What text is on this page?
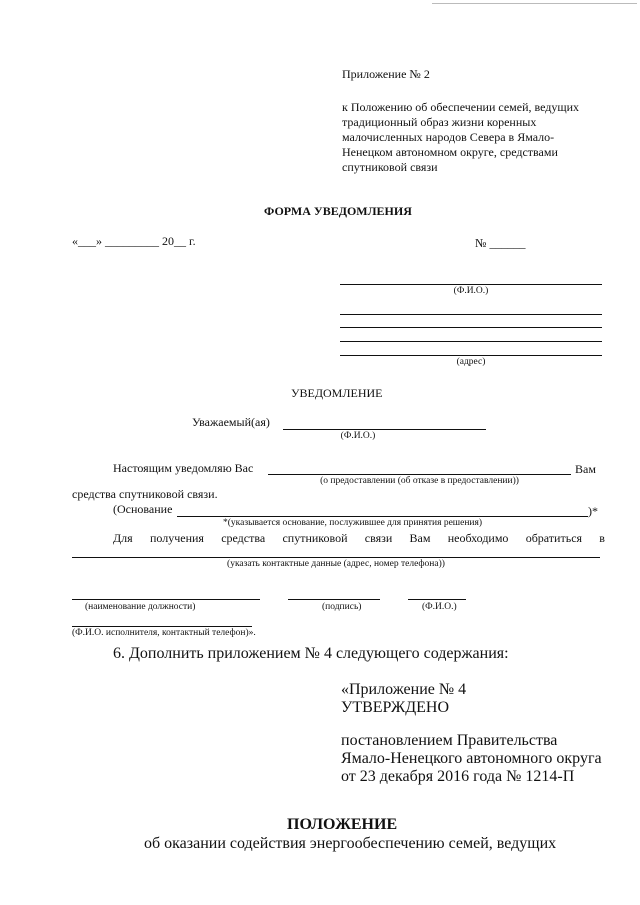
Приложение № 2
к Положению об обеспечении семей, ведущих
традиционный образ жизни коренных
малочисленных народов Севера в Ямало-
Ненецком автономном округе, средствами
спутниковой связи
ФОРМА УВЕДОМЛЕНИЯ
«___» _________ 20__ г.	№ ______
(Ф.И.О.)
(адрес)
УВЕДОМЛЕНИЕ
Уважаемый(ая)
(Ф.И.О.)
Настоящим уведомляю Вас	Вам
(о предоставлении (об отказе в предоставлении))
средства спутниковой связи.
(Основание	)*
*(указывается основание, послужившее для принятия решения)
Для получения средства спутниковой связи Вам необходимо обратиться в
(указать контактные данные (адрес, номер телефона))
(наименование должности)	(подпись)	(Ф.И.О.)
(Ф.И.О. исполнителя, контактный телефон)».
6. Дополнить приложением № 4 следующего содержания:
«Приложение № 4
УТВЕРЖДЕНО
постановлением Правительства
Ямало-Ненецкого автономного округа
от 23 декабря 2016 года № 1214-П
ПОЛОЖЕНИЕ
об оказании содействия энергообеспечению семей, ведущих
